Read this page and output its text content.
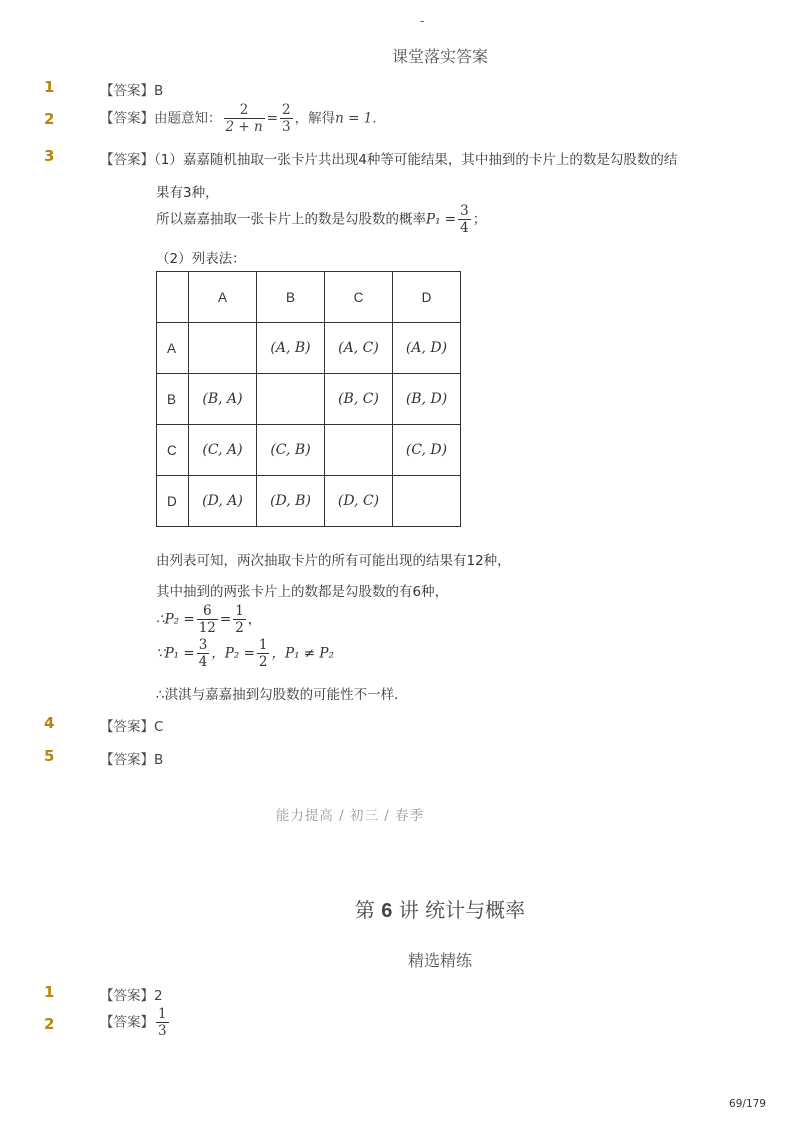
-
课堂落实答案
1	【答案】B
2	【答案】由题意知： $\frac{2}{2 + n} = \frac{2}{3}$ ，解得n = 1.
3	【答案】（1）嘉嘉随机抽取一张卡片共出现4种等可能结果，其中抽到的卡片上的数是勾股数的结
果有3种，
所以嘉嘉抽取一张卡片上的数是勾股数的概率$P_1 = \frac{3}{4}$ ；
（2）列表法：
	A	B	C	D
A		(A, B)	(A, C)	(A, D)
B	(B, A)		(B, C)	(B, D)
C	(C, A)	(C, B)		(C, D)
D	(D, A)	(D, B)	(D, C)	
由列表可知，两次抽取卡片的所有可能出现的结果有12种，
其中抽到的两张卡片上的数都是勾股数的有6种，
∴P₂ = $\frac{6}{12} = \frac{1}{2}$ ，
∵P₁ = $\frac{3}{4}$ ，$P_2 = \frac{1}{2}$ ，P₁ ≠ P₂
∴淇淇与嘉嘉抽到勾股数的可能性不一样．
4	【答案】C
5	【答案】B
能力提高 / 初三 / 春季
第 6 讲 统计与概率
精选精练
1	【答案】2
2	【答案】 $\frac{1}{3}$
69/179
